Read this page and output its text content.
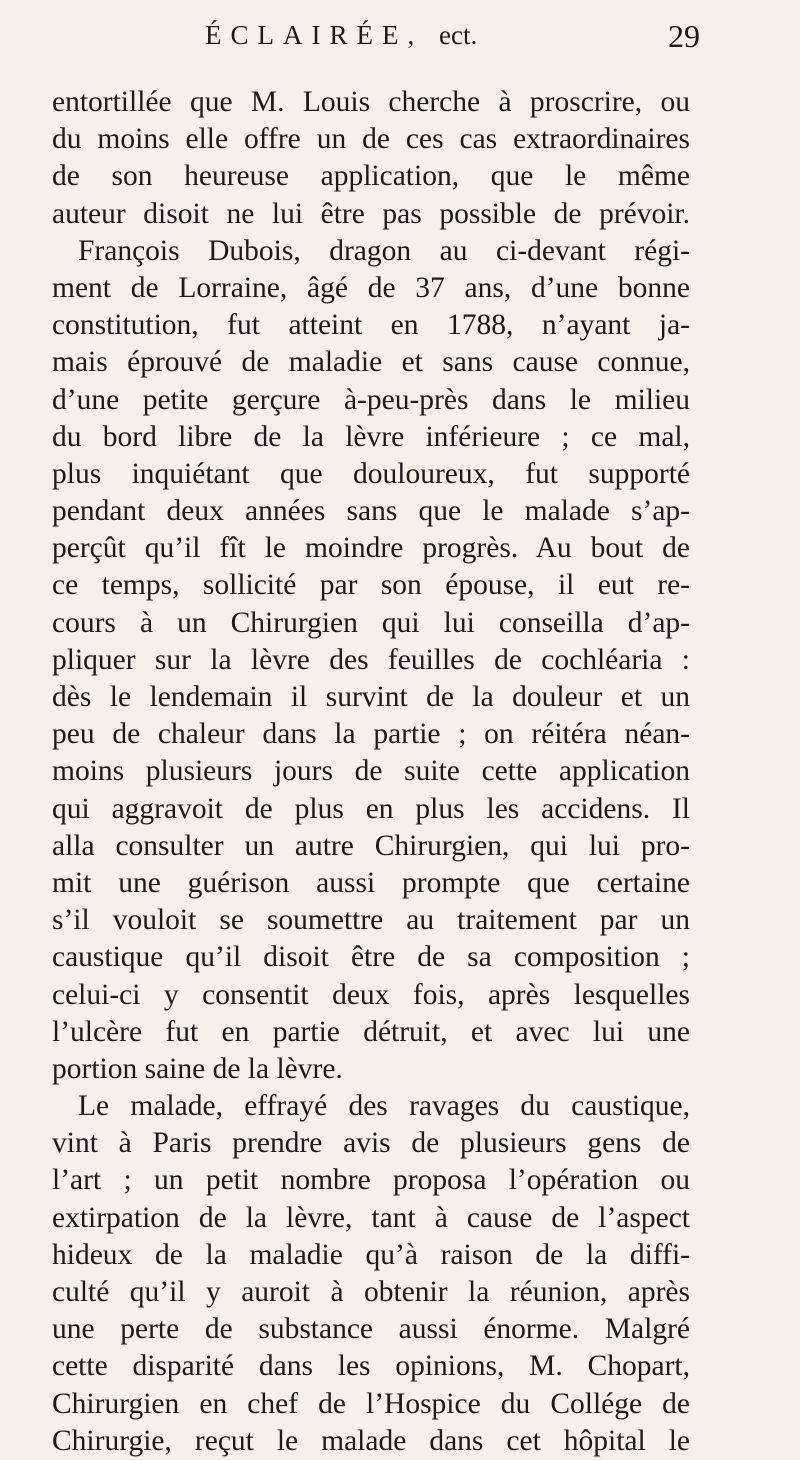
ÉCLAIRÉE, ect.	29
entortillée que M. Louis cherche à proscrire, ou
du moins elle offre un de ces cas extraordinaires
de son heureuse application, que le même
auteur disoit ne lui être pas possible de prévoir.
François Dubois, dragon au ci-devant régi-
ment de Lorraine, âgé de 37 ans, d’une bonne
constitution, fut atteint en 1788, n’ayant ja-
mais éprouvé de maladie et sans cause connue,
d’une petite gerçure à-peu-près dans le milieu
du bord libre de la lèvre inférieure ; ce mal,
plus inquiétant que douloureux, fut supporté
pendant deux années sans que le malade s’ap-
perçût qu’il fît le moindre progrès. Au bout de
ce temps, sollicité par son épouse, il eut re-
cours à un Chirurgien qui lui conseilla d’ap-
pliquer sur la lèvre des feuilles de cochléaria :
dès le lendemain il survint de la douleur et un
peu de chaleur dans la partie ; on réitéra néan-
moins plusieurs jours de suite cette application
qui aggravoit de plus en plus les accidens. Il
alla consulter un autre Chirurgien, qui lui pro-
mit une guérison aussi prompte que certaine
s’il vouloit se soumettre au traitement par un
caustique qu’il disoit être de sa composition ;
celui-ci y consentit deux fois, après lesquelles
l’ulcère fut en partie détruit, et avec lui une
portion saine de la lèvre.
Le malade, effrayé des ravages du caustique,
vint à Paris prendre avis de plusieurs gens de
l’art ; un petit nombre proposa l’opération ou
extirpation de la lèvre, tant à cause de l’aspect
hideux de la maladie qu’à raison de la diffi-
culté qu’il y auroit à obtenir la réunion, après
une perte de substance aussi énorme. Malgré
cette disparité dans les opinions, M. Chopart,
Chirurgien en chef de l’Hospice du Collége de
Chirurgie, reçut le malade dans cet hôpital le
